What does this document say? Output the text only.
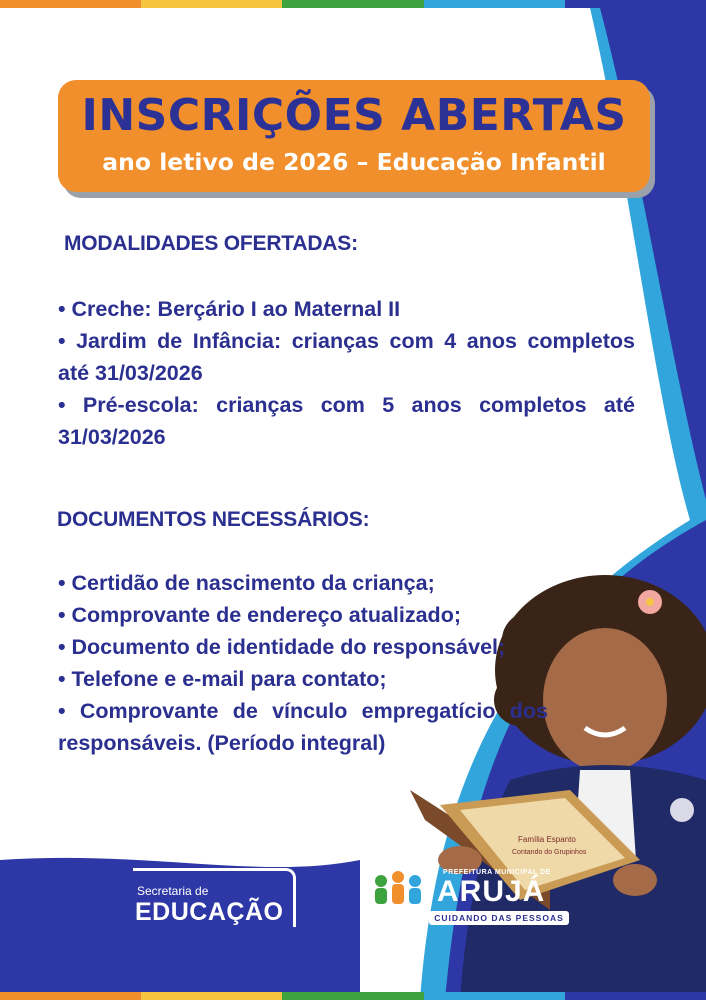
INSCRIÇÕES ABERTAS
ano letivo de 2026 – Educação Infantil
MODALIDADES OFERTADAS:
• Creche: Berçário I ao Maternal II
• Jardim de Infância: crianças com 4 anos completos até 31/03/2026
• Pré-escola: crianças com 5 anos completos até 31/03/2026
DOCUMENTOS NECESSÁRIOS:
• Certidão de nascimento da criança;
• Comprovante de endereço atualizado;
• Documento de identidade do responsável;
• Telefone e e-mail para contato;
• Comprovante de vínculo empregatício dos responsáveis. (Período integral)
Família Espanto
Contando do Grupinhos
Secretaria de
EDUCAÇÃO
PREFEITURA MUNICIPAL DE
ARUJÁ
CUIDANDO DAS PESSOAS
